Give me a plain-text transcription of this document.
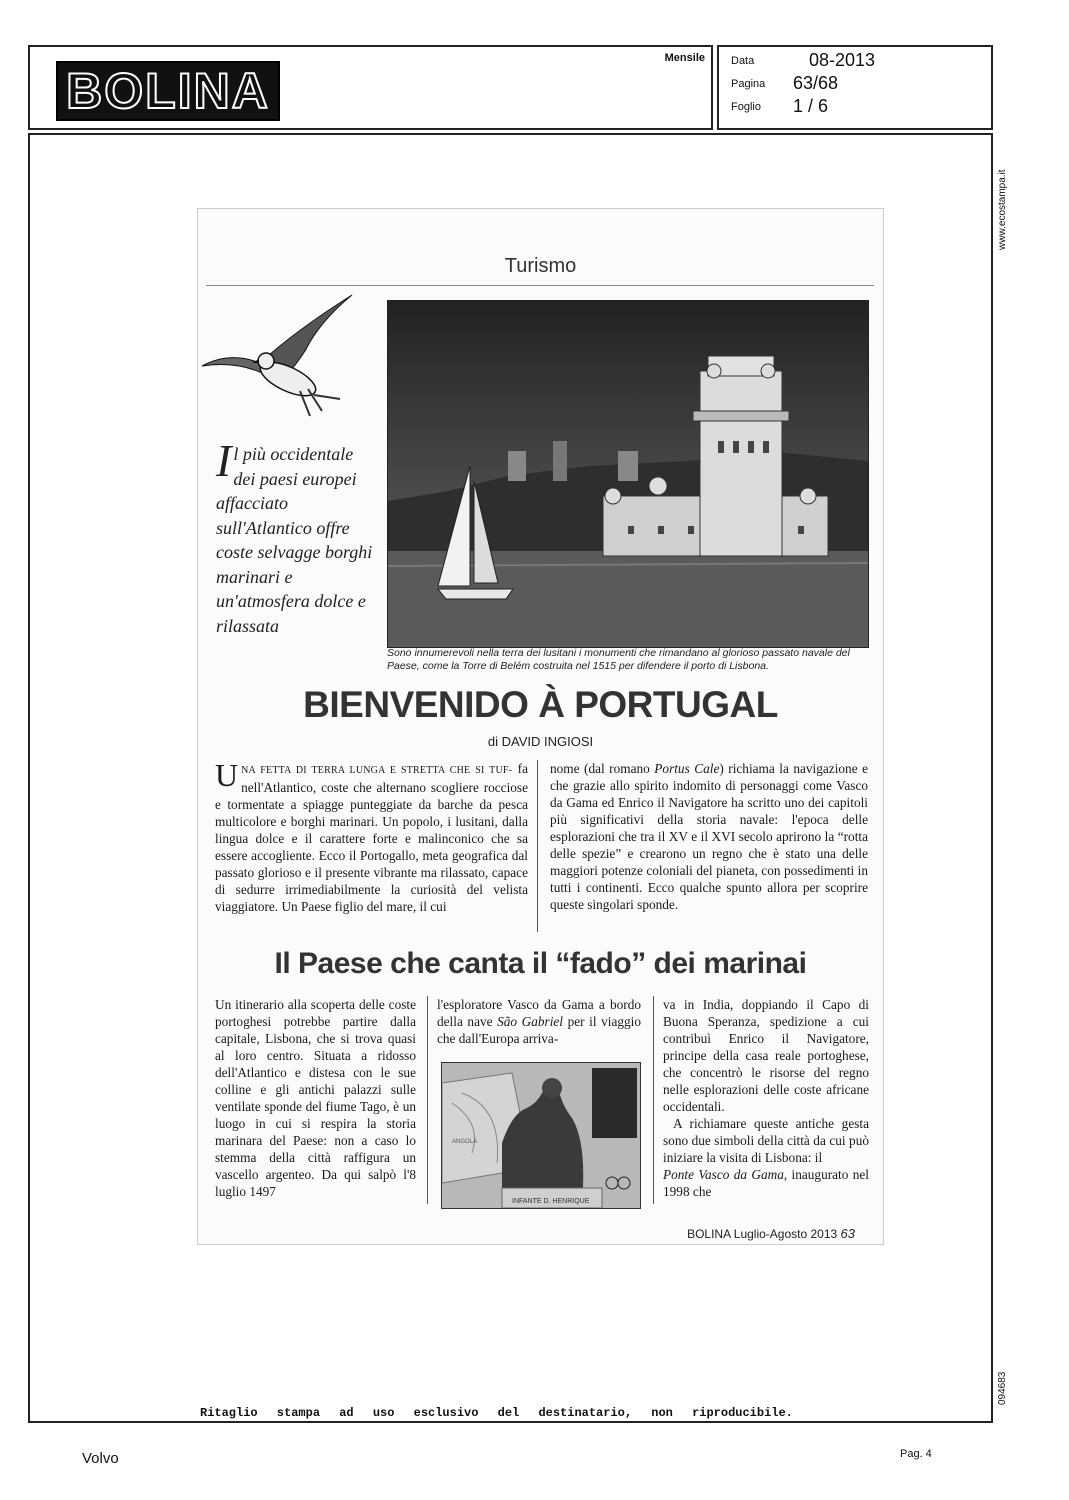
BOLINA
Mensile Data	08-2013
Pagina 63/68
Foglio 1 / 6
www.ecostampa.it
094683
Turismo
Il più occidentale dei paesi europei affacciato sull'Atlantico offre coste selvagge borghi marinari e un'atmosfera dolce e rilassata
Sono innumerevoli nella terra dei lusitani i monumenti che rimandano al glorioso passato navale del Paese, come la Torre di Belém costruita nel 1515 per difendere il porto di Lisbona.
BIENVENIDO À PORTUGAL
di DAVID INGIOSI
UNA FETTA DI TERRA LUNGA E STRETTA CHE SI TUF- fa nell'Atlantico, coste che alternano scogliere rocciose e tormentate a spiagge punteggiate da barche da pesca multicolore e borghi marinari. Un popolo, i lusitani, dalla lingua dolce e il carattere forte e malinconico che sa essere accogliente. Ecco il Portogallo, meta geografica dal passato glorioso e il presente vibrante ma rilassato, capace di sedurre irrimediabilmente la curiosità del velista viaggiatore. Un Paese figlio del mare, il cui
nome (dal romano Portus Cale) richiama la navigazione e che grazie allo spirito indomito di personaggi come Vasco da Gama ed Enrico il Navigatore ha scritto uno dei capitoli più significativi della storia navale: l'epoca delle esplorazioni che tra il XV e il XVI secolo aprirono la “rotta delle spezie” e crearono un regno che è stato una delle maggiori potenze coloniali del pianeta, con possedimenti in tutti i continenti. Ecco qualche spunto allora per scoprire queste singolari sponde.
Il Paese che canta il “fado” dei marinai
Un itinerario alla scoperta delle coste portoghesi potrebbe partire dalla capitale, Lisbona, che si trova quasi al loro centro. Situata a ridosso dell'Atlantico e distesa con le sue colline e gli antichi palazzi sulle ventilate sponde del fiume Tago, è un luogo in cui si respira la storia marinara del Paese: non a caso lo stemma della città raffigura un vascello argenteo. Da qui salpò l'8 luglio 1497
l'esploratore Vasco da Gama a bordo della nave São Gabriel per il viaggio che dall'Europa arriva-
INFANTE D. HENRIQUE
ANGOLA
va in India, doppiando il Capo di Buona Speranza, spedizione a cui contribuì Enrico il Navigatore, principe della casa reale portoghese, che concentrò le risorse del regno nelle esplorazioni delle coste africane occidentali.
A richiamare queste antiche gesta sono due simboli della città da cui può iniziare la visita di Lisbona: ilPonte Vasco da Gama, inaugurato nel 1998 che
BOLINA Luglio-Agosto 2013 63
Ritaglio stampa ad uso esclusivo del destinatario, non riproducibile.
Volvo	Pag. 4
